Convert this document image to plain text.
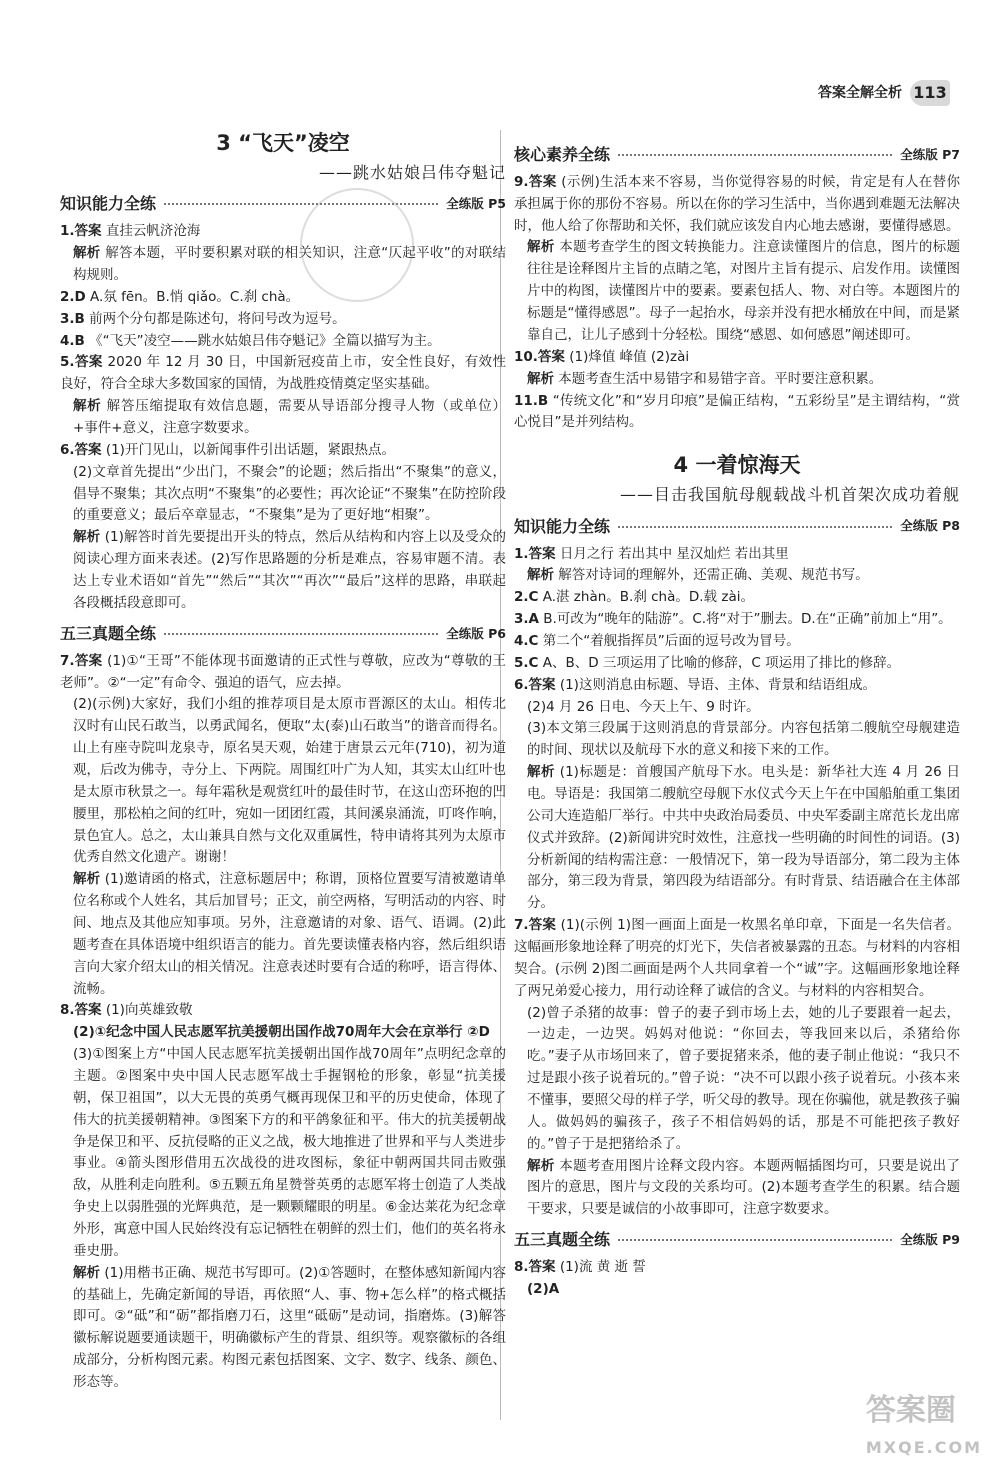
答案全解全析 113
3 “飞天”凌空

——跳水姑娘吕伟夺魁记

知识能力全练	全练版 P5

1.答案 直挂云帆济沧海

解析 解答本题，平时要积累对联的相关知识，注意“仄起平收”的对联结构规则。

2.D A.氛 fēn。B.悄 qiǎo。C.刹 chà。

3.B 前两个分句都是陈述句，将问号改为逗号。

4.B 《“飞天”凌空——跳水姑娘吕伟夺魁记》全篇以描写为主。

5.答案 2020 年 12 月 30 日，中国新冠疫苗上市，安全性良好，有效性良好，符合全球大多数国家的国情，为战胜疫情奠定坚实基础。

解析 解答压缩提取有效信息题，需要从导语部分搜寻人物（或单位）+事件+意义，注意字数要求。

6.答案 (1)开门见山，以新闻事件引出话题，紧跟热点。

(2)文章首先提出“少出门，不聚会”的论题；然后指出“不聚集”的意义，倡导不聚集；其次点明“不聚集”的必要性；再次论证“不聚集”在防控阶段的重要意义；最后卒章显志，“不聚集”是为了更好地“相聚”。

解析 (1)解答时首先要提出开头的特点，然后从结构和内容上以及受众的阅读心理方面来表述。(2)写作思路题的分析是难点，容易审题不清。表达上专业术语如“首先”“然后”“其次”“再次”“最后”这样的思路，串联起各段概括段意即可。

五三真题全练	全练版 P6

7.答案 (1)①“王哥”不能体现书面邀请的正式性与尊敬，应改为“尊敬的王老师”。②“一定”有命令、强迫的语气，应去掉。

(2)(示例)大家好，我们小组的推荐项目是太原市晋源区的太山。相传北汉时有山民石敢当，以勇武闻名，便取“太(泰)山石敢当”的谐音而得名。山上有座寺院叫龙泉寺，原名昊天观，始建于唐景云元年(710)，初为道观，后改为佛寺，寺分上、下两院。周围红叶广为人知，其实太山红叶也是太原市秋景之一。每年霜秋是观赏红叶的最佳时节，在这山峦环抱的凹腰里，那松柏之间的红叶，宛如一团团红霞，其间溪泉涌流，叮咚作响，景色宜人。总之，太山兼具自然与文化双重属性，特申请将其列为太原市优秀自然文化遗产。谢谢！

解析 (1)邀请函的格式，注意标题居中；称谓，顶格位置要写清被邀请单位名称或个人姓名，其后加冒号；正文，前空两格，写明活动的内容、时间、地点及其他应知事项。另外，注意邀请的对象、语气、语调。(2)此题考查在具体语境中组织语言的能力。首先要读懂表格内容，然后组织语言向大家介绍太山的相关情况。注意表述时要有合适的称呼，语言得体、流畅。

8.答案 (1)向英雄致敬

(2)①纪念中国人民志愿军抗美援朝出国作战70周年大会在京举行 ②D

(3)①图案上方“中国人民志愿军抗美援朝出国作战70周年”点明纪念章的主题。②图案中央中国人民志愿军战士手握钢枪的形象，彰显“抗美援朝，保卫祖国”，以大无畏的英勇气概再现保卫和平的历史使命，体现了伟大的抗美援朝精神。③图案下方的和平鸽象征和平。伟大的抗美援朝战争是保卫和平、反抗侵略的正义之战，极大地推进了世界和平与人类进步事业。④箭头图形借用五次战役的进攻图标，象征中朝两国共同击败强敌，从胜利走向胜利。⑤五颗五角星赞誉英勇的志愿军将士创造了人类战争史上以弱胜强的光辉典范，是一颗颗耀眼的明星。⑥金达莱花为纪念章外形，寓意中国人民始终没有忘记牺牲在朝鲜的烈士们，他们的英名将永垂史册。

解析 (1)用楷书正确、规范书写即可。(2)①答题时，在整体感知新闻内容的基础上，先确定新闻的导语，再依照“人、事、物+怎么样”的格式概括即可。②“砥”和“砺”都指磨刀石，这里“砥砺”是动词，指磨炼。(3)解答徽标解说题要通读题干，明确徽标产生的背景、组织等。观察徽标的各组成部分，分析构图元素。构图元素包括图案、文字、数字、线条、颜色、形态等。

核心素养全练	全练版 P7

9.答案 (示例)生活本来不容易，当你觉得容易的时候，肯定是有人在替你承担属于你的那份不容易。所以在你的学习生活中，当你遇到难题无法解决时，他人给了你帮助和关怀，我们就应该发自内心地去感谢，要懂得感恩。

解析 本题考查学生的图文转换能力。注意读懂图片的信息，图片的标题往往是诠释图片主旨的点睛之笔，对图片主旨有提示、启发作用。读懂图片中的构图，读懂图片中的要素。要素包括人、物、对白等。本题图片的标题是“懂得感恩”。母子一起抬水，母亲并没有把水桶放在中间，而是紧靠自己，让儿子感到十分轻松。围绕“感恩、如何感恩”阐述即可。

10.答案 (1)烽值 峰值 (2)zài

解析 本题考查生活中易错字和易错字音。平时要注意积累。

11.B “传统文化”和“岁月印痕”是偏正结构，“五彩纷呈”是主谓结构，“赏心悦目”是并列结构。

4 一着惊海天

——目击我国航母舰载战斗机首架次成功着舰

知识能力全练	全练版 P8

1.答案 日月之行 若出其中 星汉灿烂 若出其里

解析 解答对诗词的理解外，还需正确、美观、规范书写。

2.C A.湛 zhàn。B.刹 chà。D.载 zài。

3.A B.可改为“晚年的陆游”。C.将“对于”删去。D.在“正确”前加上“用”。

4.C 第二个“着舰指挥员”后面的逗号改为冒号。

5.C A、B、D 三项运用了比喻的修辞，C 项运用了排比的修辞。

6.答案 (1)这则消息由标题、导语、主体、背景和结语组成。

(2)4 月 26 日电、今天上午、9 时许。

(3)本文第三段属于这则消息的背景部分。内容包括第二艘航空母舰建造的时间、现状以及航母下水的意义和接下来的工作。

解析 (1)标题是：首艘国产航母下水。电头是：新华社大连 4 月 26 日电。导语是：我国第二艘航空母舰下水仪式今天上午在中国船舶重工集团公司大连造船厂举行。中共中央政治局委员、中央军委副主席范长龙出席仪式并致辞。(2)新闻讲究时效性，注意找一些明确的时间性的词语。(3)分析新闻的结构需注意：一般情况下，第一段为导语部分，第二段为主体部分，第三段为背景，第四段为结语部分。有时背景、结语融合在主体部分。

7.答案 (1)(示例 1)图一画面上面是一枚黑名单印章，下面是一名失信者。这幅画形象地诠释了明亮的灯光下，失信者被暴露的丑态。与材料的内容相契合。(示例 2)图二画面是两个人共同拿着一个“诚”字。这幅画形象地诠释了两兄弟爱心接力，用行动诠释了诚信的含义。与材料的内容相契合。

(2)曾子杀猪的故事：曾子的妻子到市场上去，她的儿子要跟着一起去，一边走，一边哭。妈妈对他说：“你回去，等我回来以后，杀猪给你吃。”妻子从市场回来了，曾子要捉猪来杀，他的妻子制止他说：“我只不过是跟小孩子说着玩的。”曾子说：“决不可以跟小孩子说着玩。小孩本来不懂事，要照父母的样子学，听父母的教导。现在你骗他，就是教孩子骗人。做妈妈的骗孩子，孩子不相信妈妈的话，那是不可能把孩子教好的。”曾子于是把猪给杀了。

解析 本题考查用图片诠释文段内容。本题两幅插图均可，只要是说出了图片的意思，图片与文段的关系均可。(2)本题考查学生的积累。结合题干要求，只要是诚信的小故事即可，注意字数要求。

五三真题全练	全练版 P9

8.答案 (1)流 黄 逝 誓

(2)A

答案圈
MXQE.COM
